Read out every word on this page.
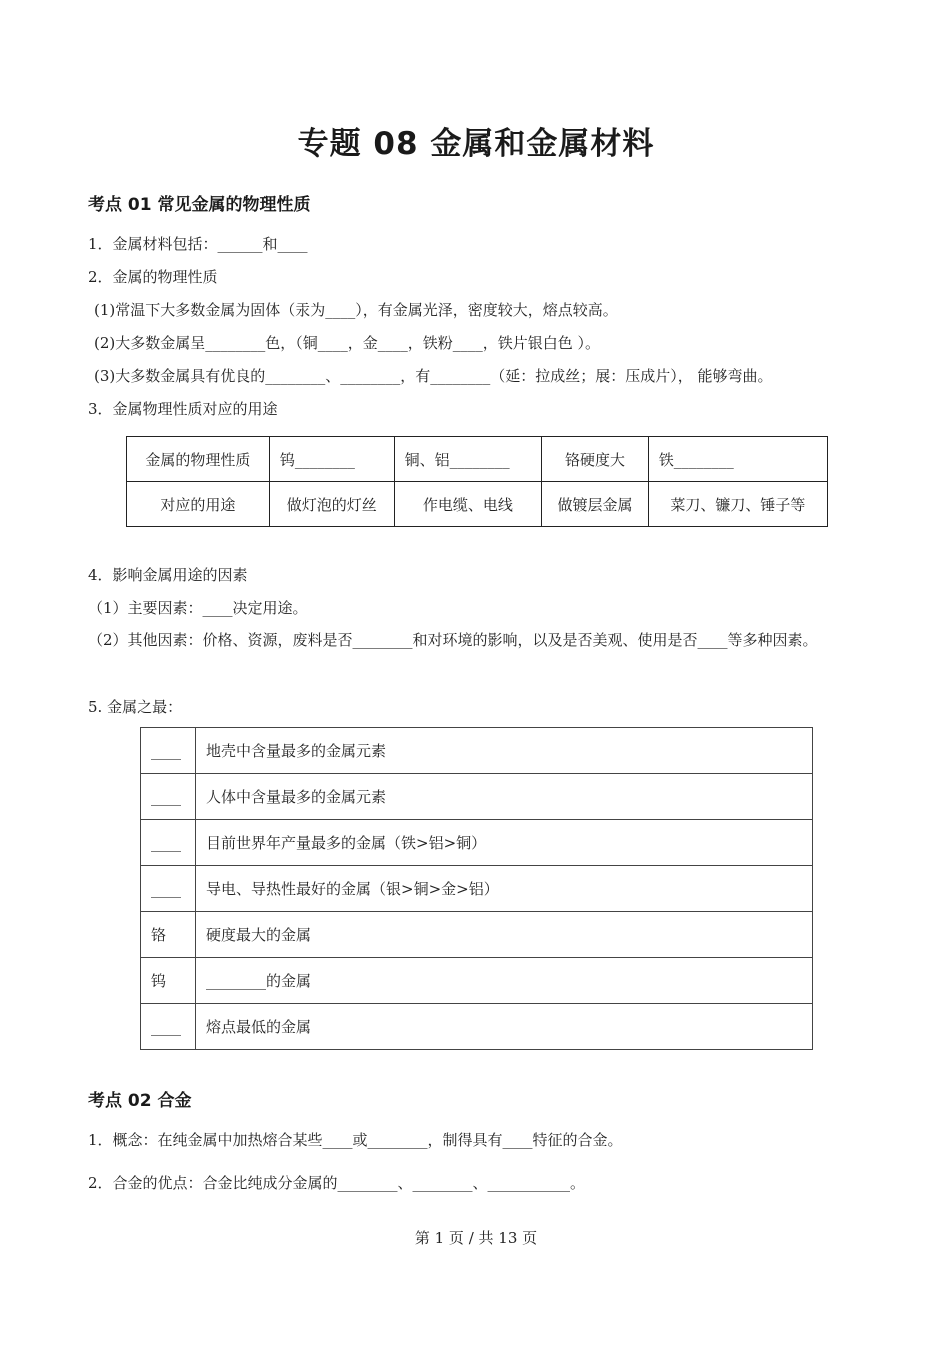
专题 08 金属和金属材料
考点 01 常见金属的物理性质
1．金属材料包括：______和____
2．金属的物理性质
(1)常温下大多数金属为固体（汞为____），有金属光泽，密度较大，熔点较高。
(2)大多数金属呈________色，（铜____，金____，铁粉____，铁片银白色 ）。
(3)大多数金属具有优良的________、________，有________（延：拉成丝；展：压成片）， 能够弯曲。
3．金属物理性质对应的用途
金属的物理性质	钨________	铜、铝________	铬硬度大	铁________
对应的用途	做灯泡的灯丝	作电缆、电线	做镀层金属	菜刀、镰刀、锤子等
4．影响金属用途的因素
（1）主要因素：____决定用途。
（2）其他因素：价格、资源，废料是否________和对环境的影响，以及是否美观、使用是否____等多种因素。
5. 金属之最：
____	地壳中含量最多的金属元素
____	人体中含量最多的金属元素
____	目前世界年产量最多的金属（铁>铝>铜）
____	导电、导热性最好的金属（银>铜>金>铝）
铬	硬度最大的金属
钨	________的金属
____	熔点最低的金属
考点 02 合金
1．概念：在纯金属中加热熔合某些____或________，制得具有____特征的合金。
2．合金的优点：合金比纯成分金属的________、________、___________。
第 1 页 / 共 13 页
